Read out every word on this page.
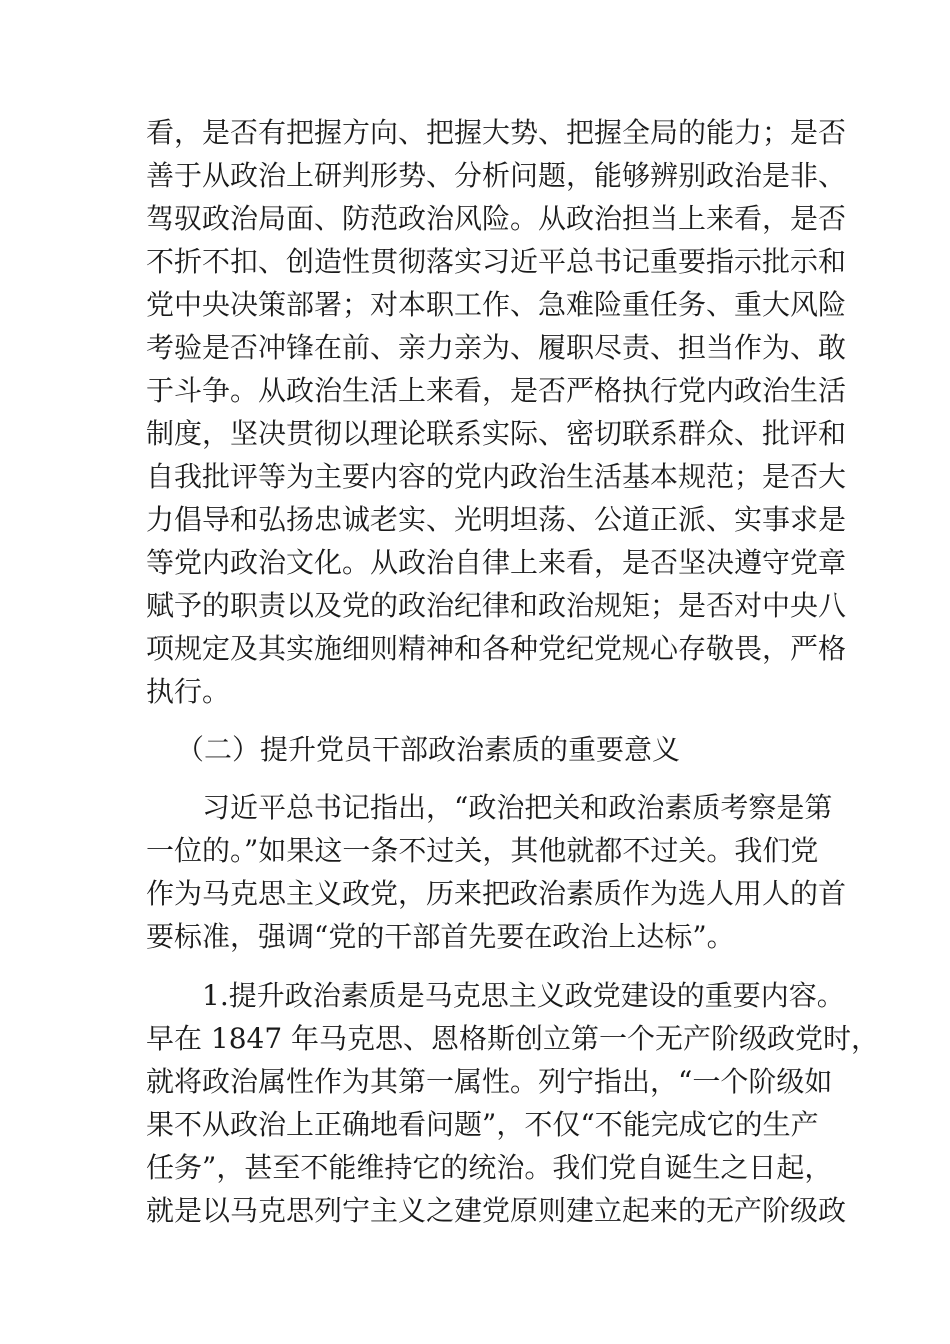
看，是否有把握方向、把握大势、把握全局的能力；是否
善于从政治上研判形势、分析问题，能够辨别政治是非、
驾驭政治局面、防范政治风险。从政治担当上来看，是否
不折不扣、创造性贯彻落实习近平总书记重要指示批示和
党中央决策部署；对本职工作、急难险重任务、重大风险
考验是否冲锋在前、亲力亲为、履职尽责、担当作为、敢
于斗争。从政治生活上来看，是否严格执行党内政治生活
制度，坚决贯彻以理论联系实际、密切联系群众、批评和
自我批评等为主要内容的党内政治生活基本规范；是否大
力倡导和弘扬忠诚老实、光明坦荡、公道正派、实事求是
等党内政治文化。从政治自律上来看，是否坚决遵守党章
赋予的职责以及党的政治纪律和政治规矩；是否对中央八
项规定及其实施细则精神和各种党纪党规心存敬畏，严格
执行。
（二）提升党员干部政治素质的重要意义
习近平总书记指出，“政治把关和政治素质考察是第
一位的。”如果这一条不过关，其他就都不过关。我们党
作为马克思主义政党，历来把政治素质作为选人用人的首
要标准，强调“党的干部首先要在政治上达标”。
1.提升政治素质是马克思主义政党建设的重要内容。
早在 1847 年马克思、恩格斯创立第一个无产阶级政党时，
就将政治属性作为其第一属性。列宁指出，“一个阶级如
果不从政治上正确地看问题”，不仅“不能完成它的生产
任务”，甚至不能维持它的统治。我们党自诞生之日起，
就是以马克思列宁主义之建党原则建立起来的无产阶级政
